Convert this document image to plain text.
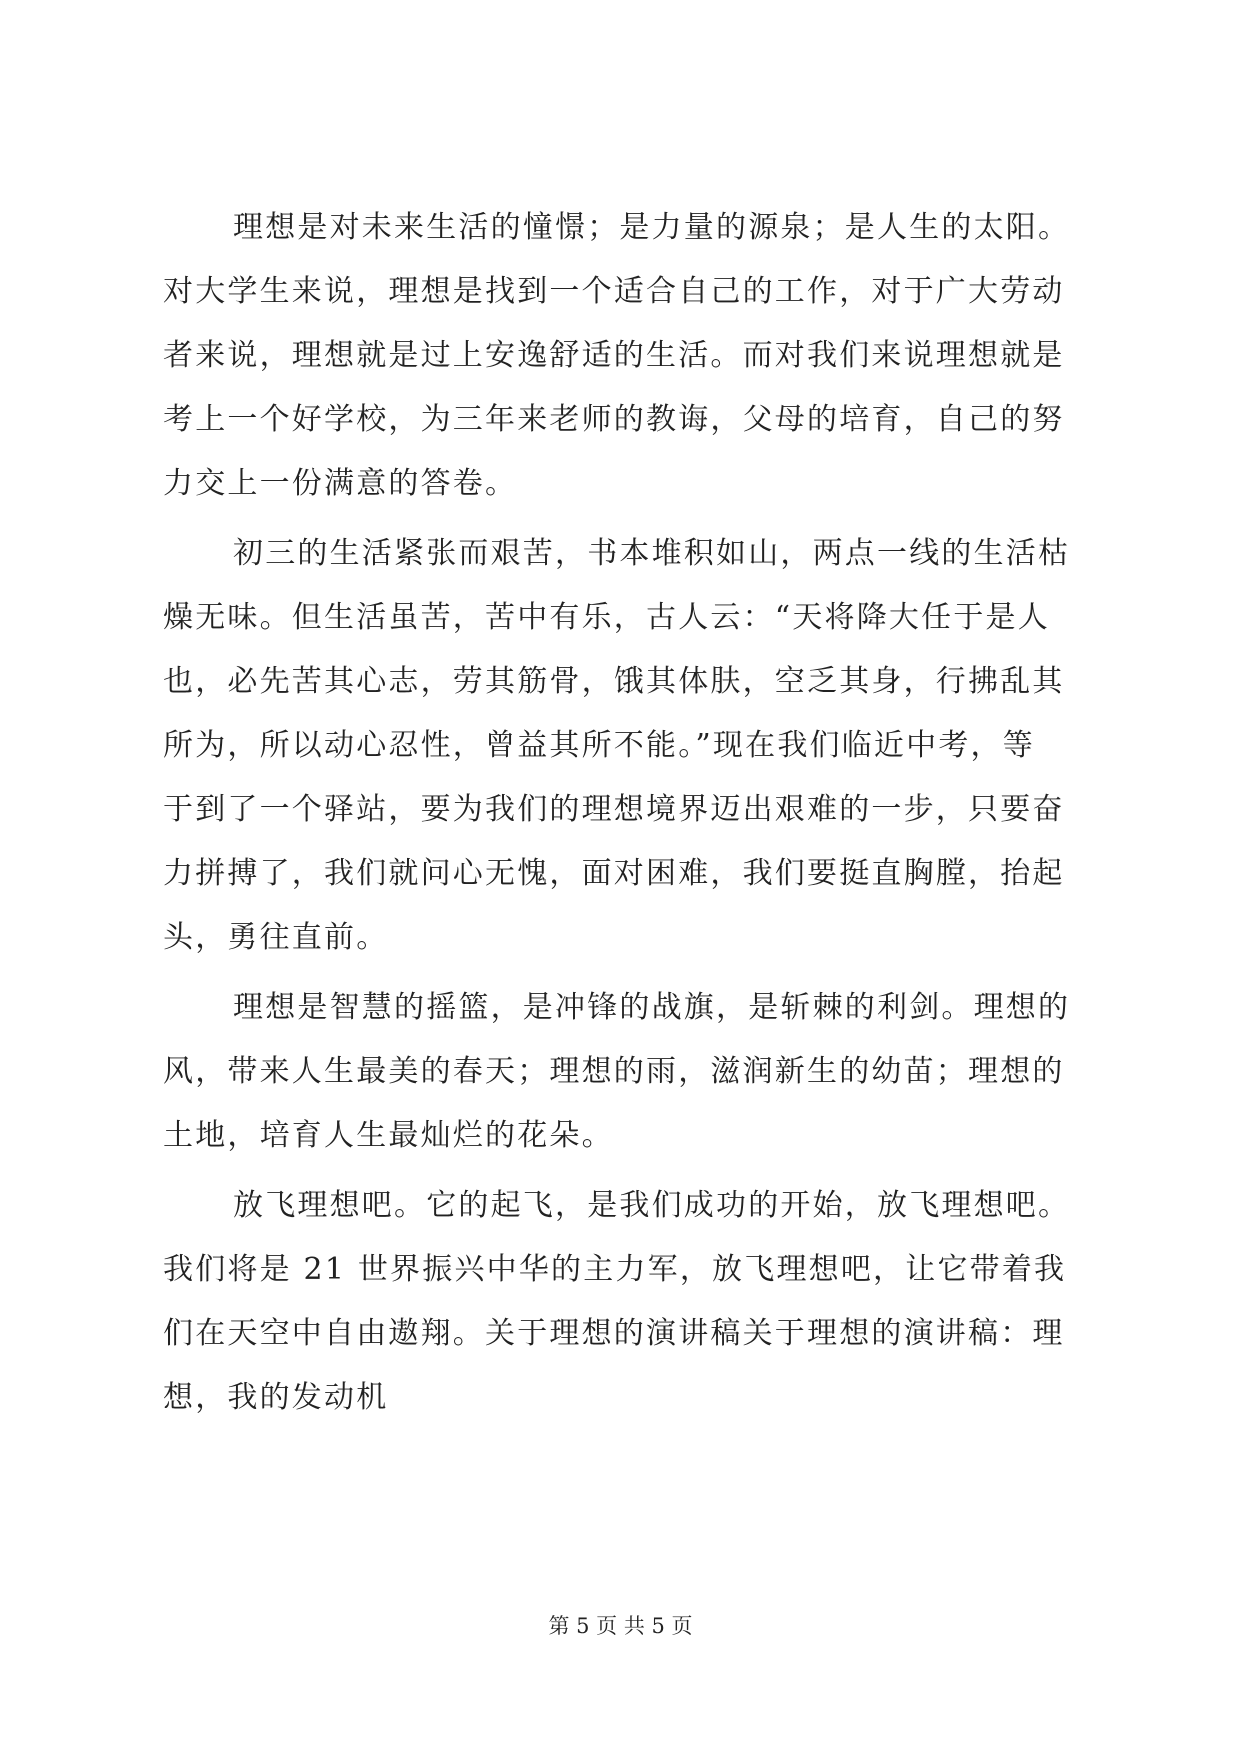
理想是对未来生活的憧憬；是力量的源泉；是人生的太阳。
对大学生来说，理想是找到一个适合自己的工作，对于广大劳动
者来说，理想就是过上安逸舒适的生活。而对我们来说理想就是
考上一个好学校，为三年来老师的教诲，父母的培育，自己的努
力交上一份满意的答卷。
初三的生活紧张而艰苦，书本堆积如山，两点一线的生活枯
燥无味。但生活虽苦，苦中有乐，古人云：“天将降大任于是人
也，必先苦其心志，劳其筋骨，饿其体肤，空乏其身，行拂乱其
所为，所以动心忍性，曾益其所不能。”现在我们临近中考，等
于到了一个驿站，要为我们的理想境界迈出艰难的一步，只要奋
力拼搏了，我们就问心无愧，面对困难，我们要挺直胸膛，抬起
头，勇往直前。
理想是智慧的摇篮，是冲锋的战旗，是斩棘的利剑。理想的
风，带来人生最美的春天；理想的雨，滋润新生的幼苗；理想的
土地，培育人生最灿烂的花朵。
放飞理想吧。它的起飞，是我们成功的开始，放飞理想吧。
我们将是 21 世界振兴中华的主力军，放飞理想吧，让它带着我
们在天空中自由遨翔。关于理想的演讲稿关于理想的演讲稿：理
想，我的发动机
第 5 页 共 5 页
